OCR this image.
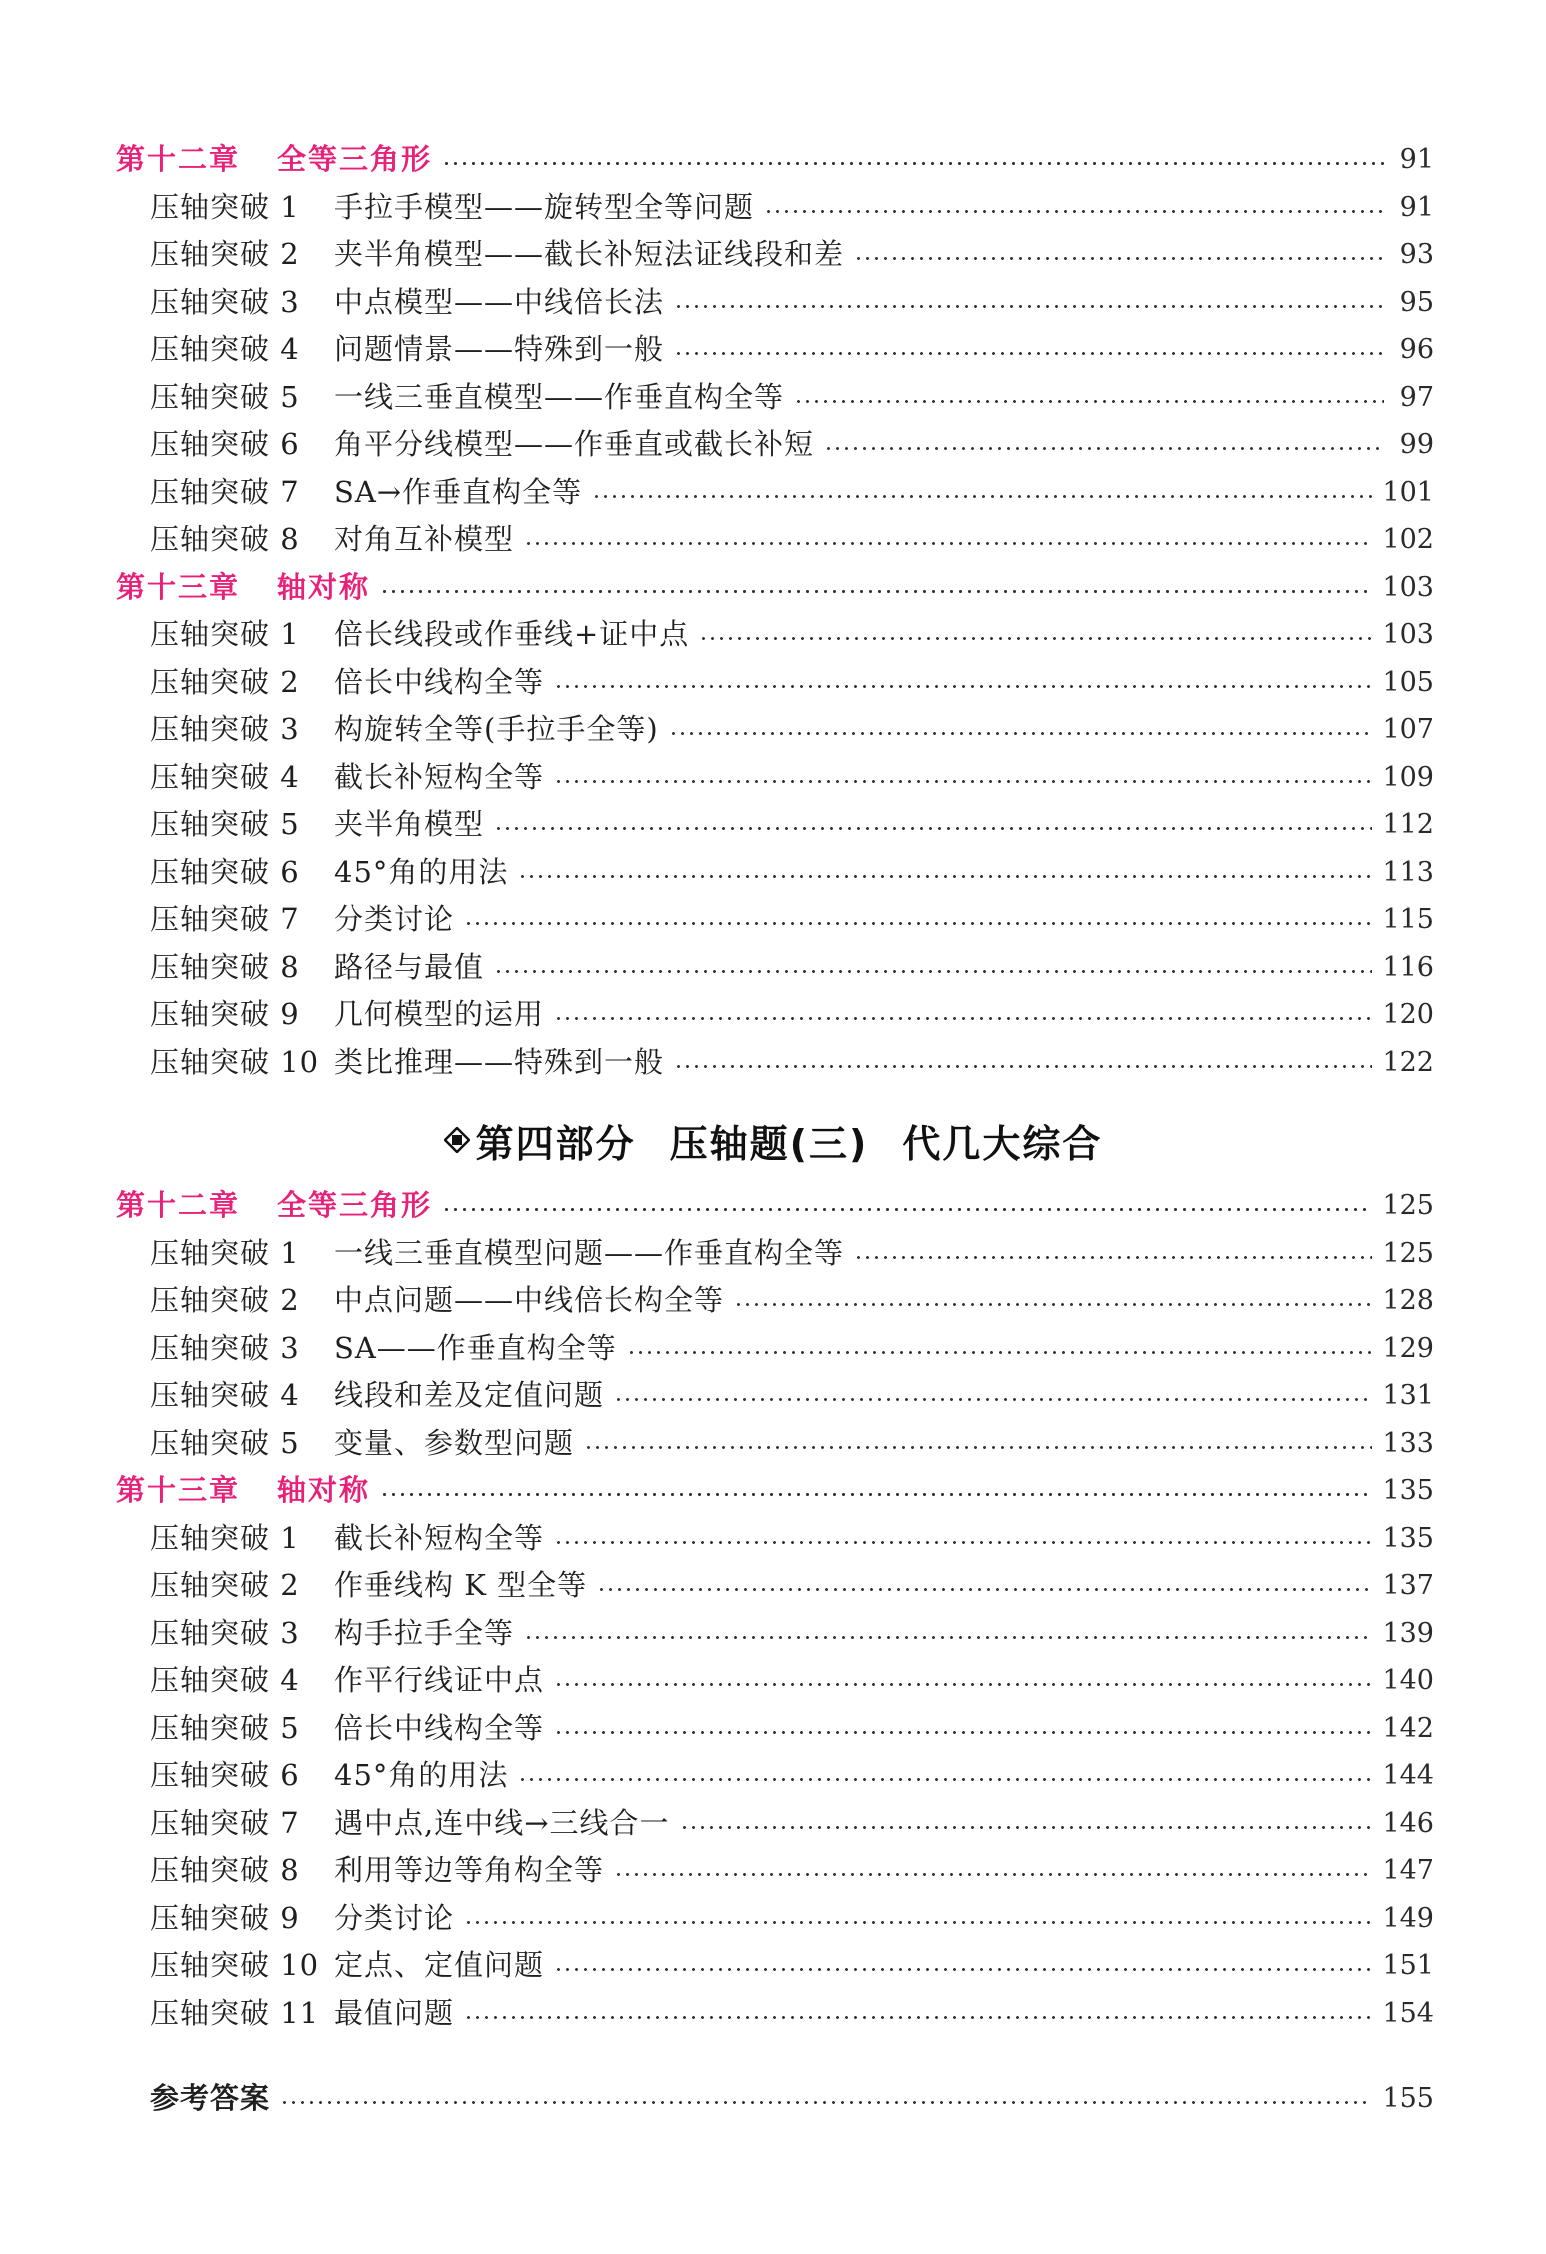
第十二章	全等三角形	91
压轴突破 1	手拉手模型——旋转型全等问题	91
压轴突破 2	夹半角模型——截长补短法证线段和差	93
压轴突破 3	中点模型——中线倍长法	95
压轴突破 4	问题情景——特殊到一般	96
压轴突破 5	一线三垂直模型——作垂直构全等	97
压轴突破 6	角平分线模型——作垂直或截长补短	99
压轴突破 7	SA→作垂直构全等	101
压轴突破 8	对角互补模型	102
第十三章	轴对称	103
压轴突破 1	倍长线段或作垂线+证中点	103
压轴突破 2	倍长中线构全等	105
压轴突破 3	构旋转全等(手拉手全等)	107
压轴突破 4	截长补短构全等	109
压轴突破 5	夹半角模型	112
压轴突破 6	45°角的用法	113
压轴突破 7	分类讨论	115
压轴突破 8	路径与最值	116
压轴突破 9	几何模型的运用	120
压轴突破 10 类比推理——特殊到一般	122
第四部分 压轴题(三) 代几大综合
第十二章	全等三角形	125
压轴突破 1	一线三垂直模型问题——作垂直构全等	125
压轴突破 2	中点问题——中线倍长构全等	128
压轴突破 3	SA——作垂直构全等	129
压轴突破 4	线段和差及定值问题	131
压轴突破 5	变量、参数型问题	133
第十三章	轴对称	135
压轴突破 1	截长补短构全等	135
压轴突破 2	作垂线构 K 型全等	137
压轴突破 3	构手拉手全等	139
压轴突破 4	作平行线证中点	140
压轴突破 5	倍长中线构全等	142
压轴突破 6	45°角的用法	144
压轴突破 7	遇中点,连中线→三线合一	146
压轴突破 8	利用等边等角构全等	147
压轴突破 9	分类讨论	149
压轴突破 10 定点、定值问题	151
压轴突破 11 最值问题	154
参考答案	155
